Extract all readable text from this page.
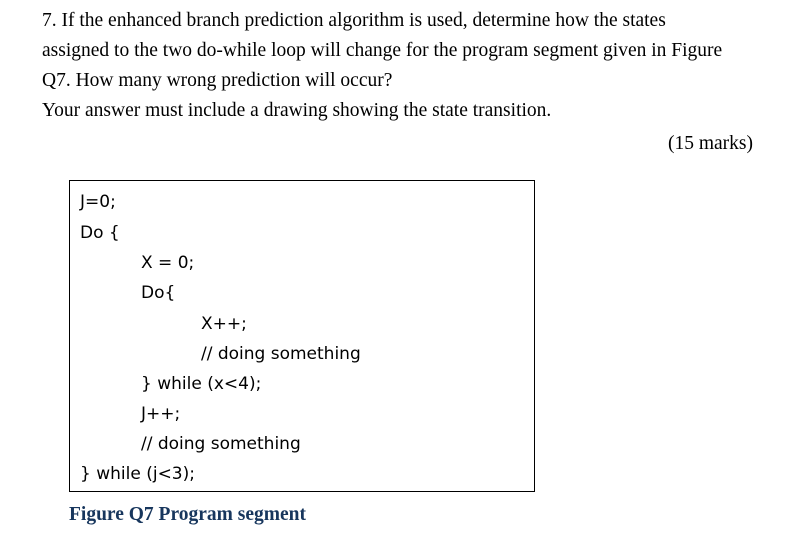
7. If the enhanced branch prediction algorithm is used, determine how the states
assigned to the two do-while loop will change for the program segment given in Figure
Q7. How many wrong prediction will occur?
Your answer must include a drawing showing the state transition.

(15 marks)
J=0;
Do {
X = 0;
Do{
X++;
// doing something
} while (x<4);
J++;
// doing something
} while (j<3);
Figure Q7 Program segment
